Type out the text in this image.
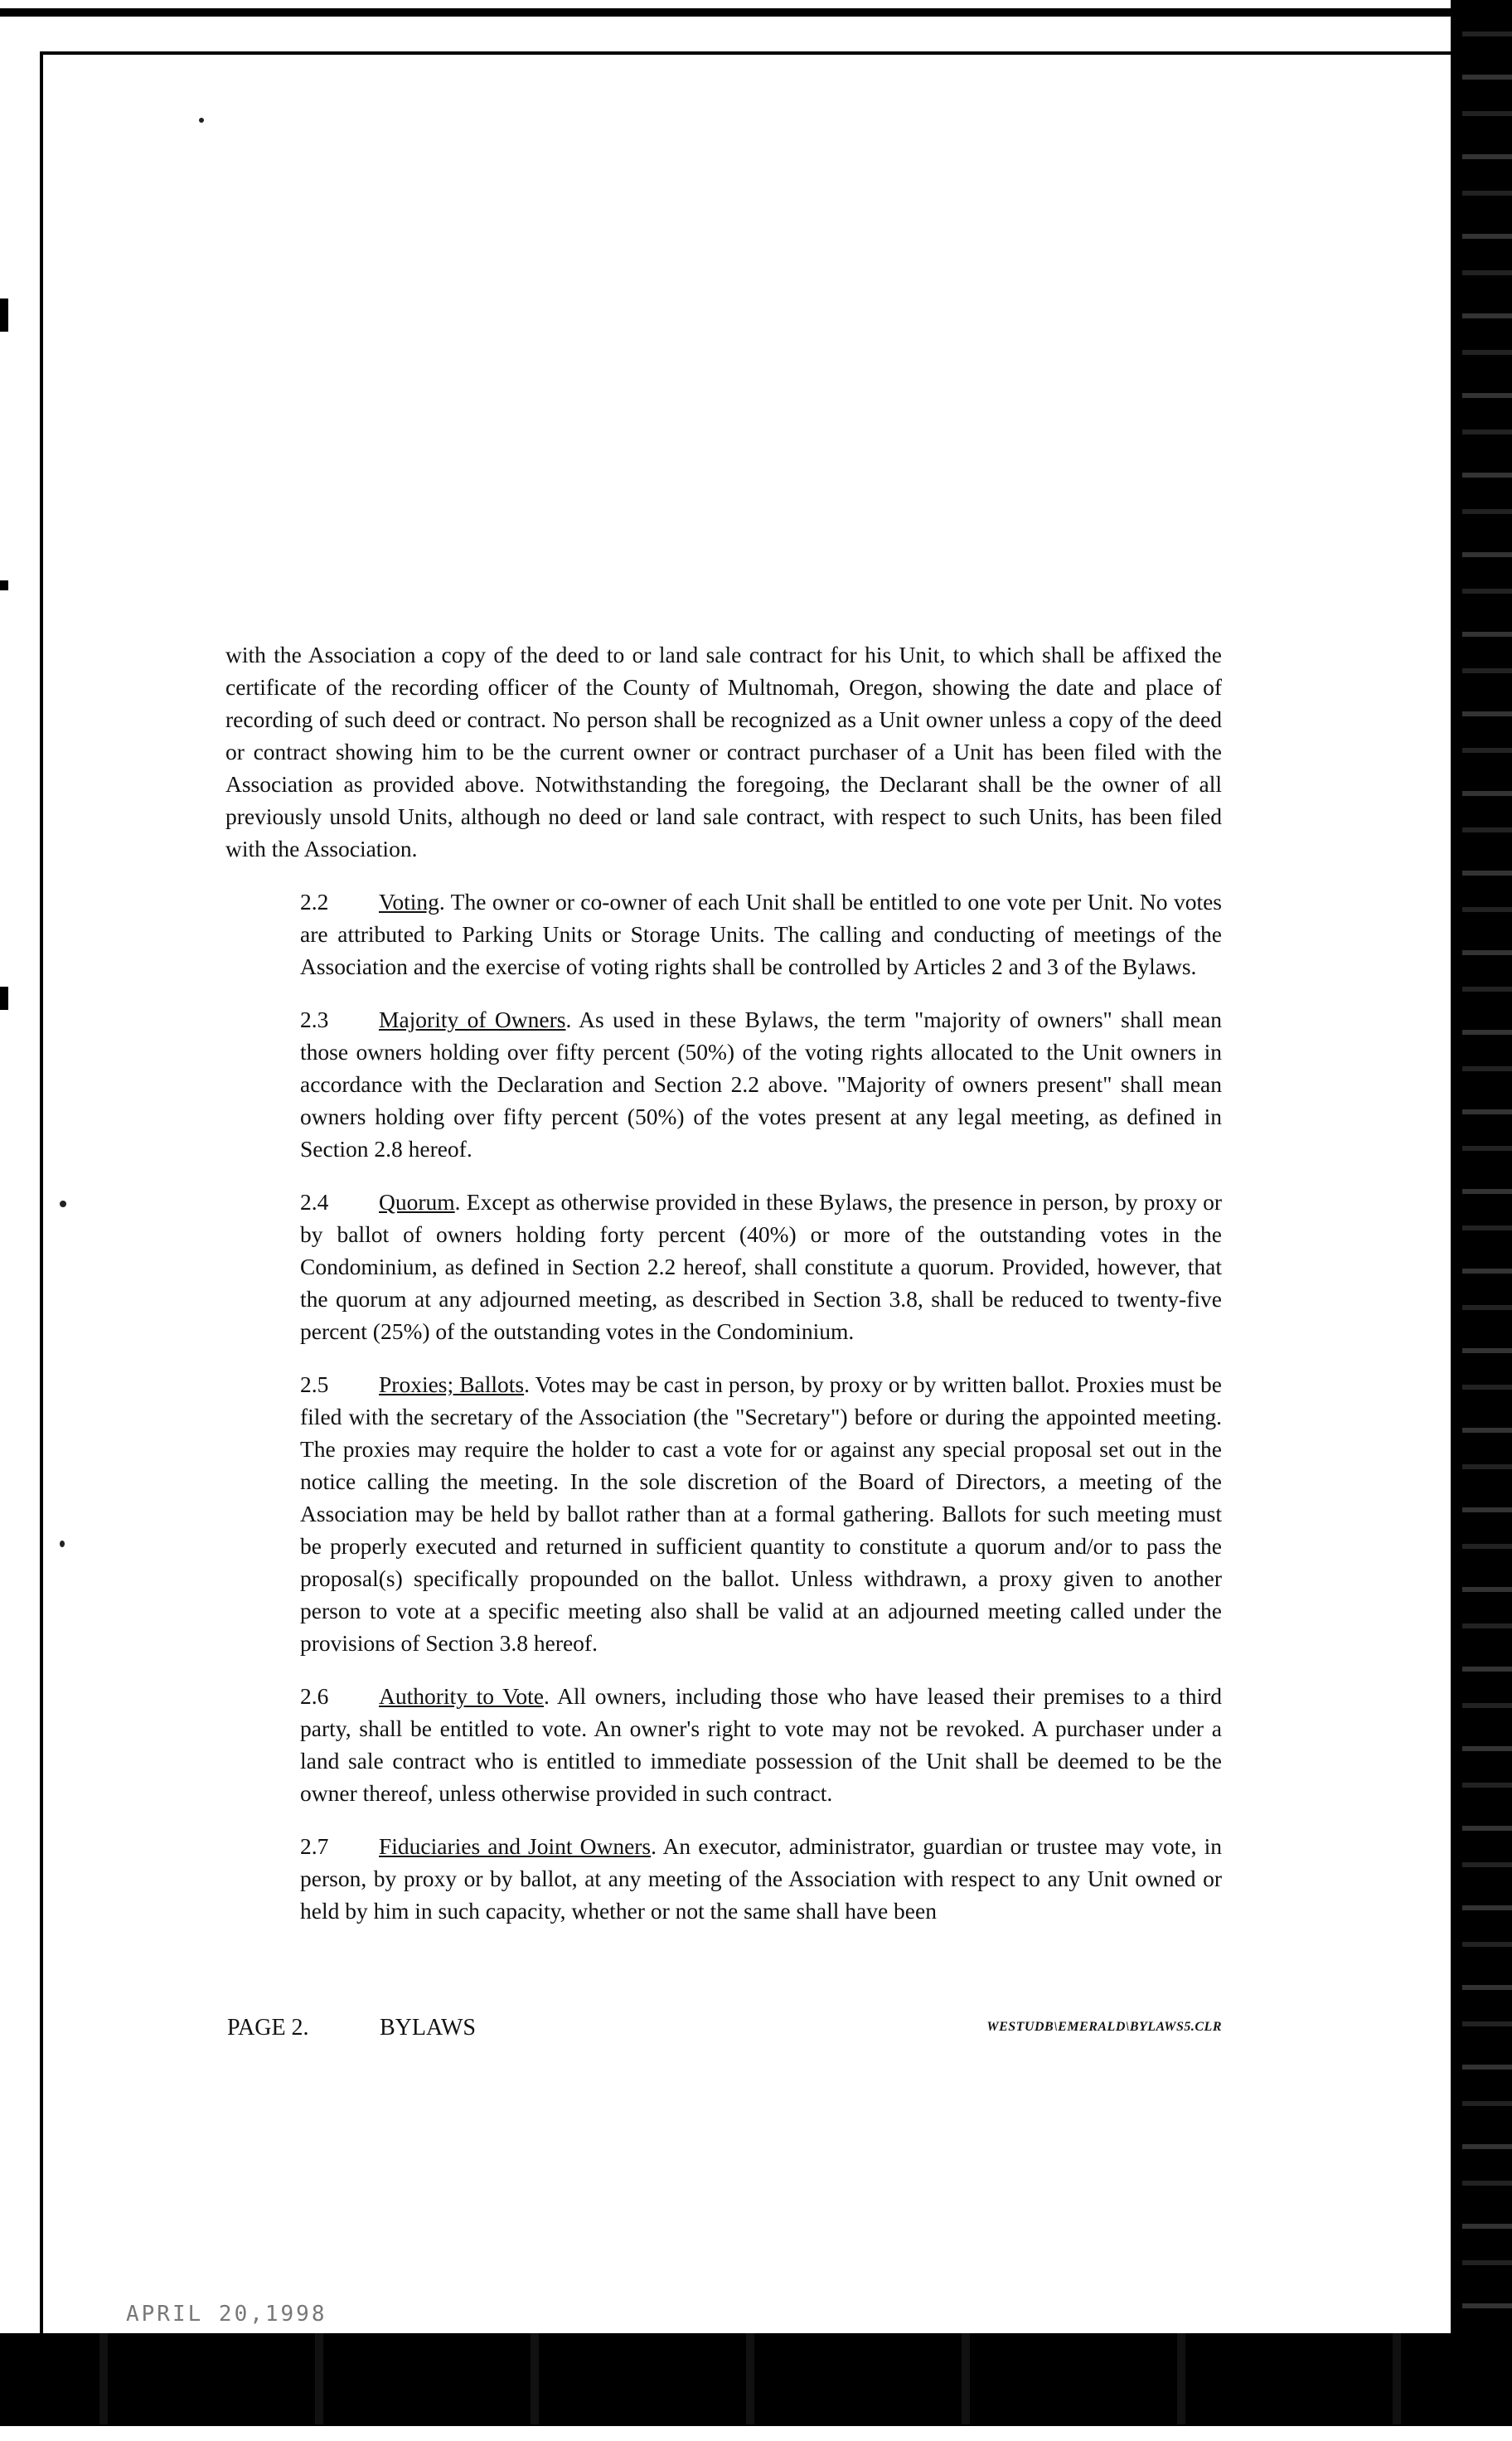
with the Association a copy of the deed to or land sale contract for his Unit, to which shall be affixed the certificate of the recording officer of the County of Multnomah, Oregon, showing the date and place of recording of such deed or contract. No person shall be recognized as a Unit owner unless a copy of the deed or contract showing him to be the current owner or contract purchaser of a Unit has been filed with the Association as provided above. Notwithstanding the foregoing, the Declarant shall be the owner of all previously unsold Units, although no deed or land sale contract, with respect to such Units, has been filed with the Association.

2.2 Voting. The owner or co-owner of each Unit shall be entitled to one vote per Unit. No votes are attributed to Parking Units or Storage Units. The calling and conducting of meetings of the Association and the exercise of voting rights shall be controlled by Articles 2 and 3 of the Bylaws.

2.3 Majority of Owners. As used in these Bylaws, the term "majority of owners" shall mean those owners holding over fifty percent (50%) of the voting rights allocated to the Unit owners in accordance with the Declaration and Section 2.2 above. "Majority of owners present" shall mean owners holding over fifty percent (50%) of the votes present at any legal meeting, as defined in Section 2.8 hereof.

2.4 Quorum. Except as otherwise provided in these Bylaws, the presence in person, by proxy or by ballot of owners holding forty percent (40%) or more of the outstanding votes in the Condominium, as defined in Section 2.2 hereof, shall constitute a quorum. Provided, however, that the quorum at any adjourned meeting, as described in Section 3.8, shall be reduced to twenty-five percent (25%) of the outstanding votes in the Condominium.

2.5 Proxies; Ballots. Votes may be cast in person, by proxy or by written ballot. Proxies must be filed with the secretary of the Association (the "Secretary") before or during the appointed meeting. The proxies may require the holder to cast a vote for or against any special proposal set out in the notice calling the meeting. In the sole discretion of the Board of Directors, a meeting of the Association may be held by ballot rather than at a formal gathering. Ballots for such meeting must be properly executed and returned in sufficient quantity to constitute a quorum and/or to pass the proposal(s) specifically propounded on the ballot. Unless withdrawn, a proxy given to another person to vote at a specific meeting also shall be valid at an adjourned meeting called under the provisions of Section 3.8 hereof.

2.6 Authority to Vote. All owners, including those who have leased their premises to a third party, shall be entitled to vote. An owner's right to vote may not be revoked. A purchaser under a land sale contract who is entitled to immediate possession of the Unit shall be deemed to be the owner thereof, unless otherwise provided in such contract.

2.7 Fiduciaries and Joint Owners. An executor, administrator, guardian or trustee may vote, in person, by proxy or by ballot, at any meeting of the Association with respect to any Unit owned or held by him in such capacity, whether or not the same shall have been

PAGE 2.	BYLAWS	WESTUDB\EMERALD\BYLAWS5.CLR
APRIL 20,1998
